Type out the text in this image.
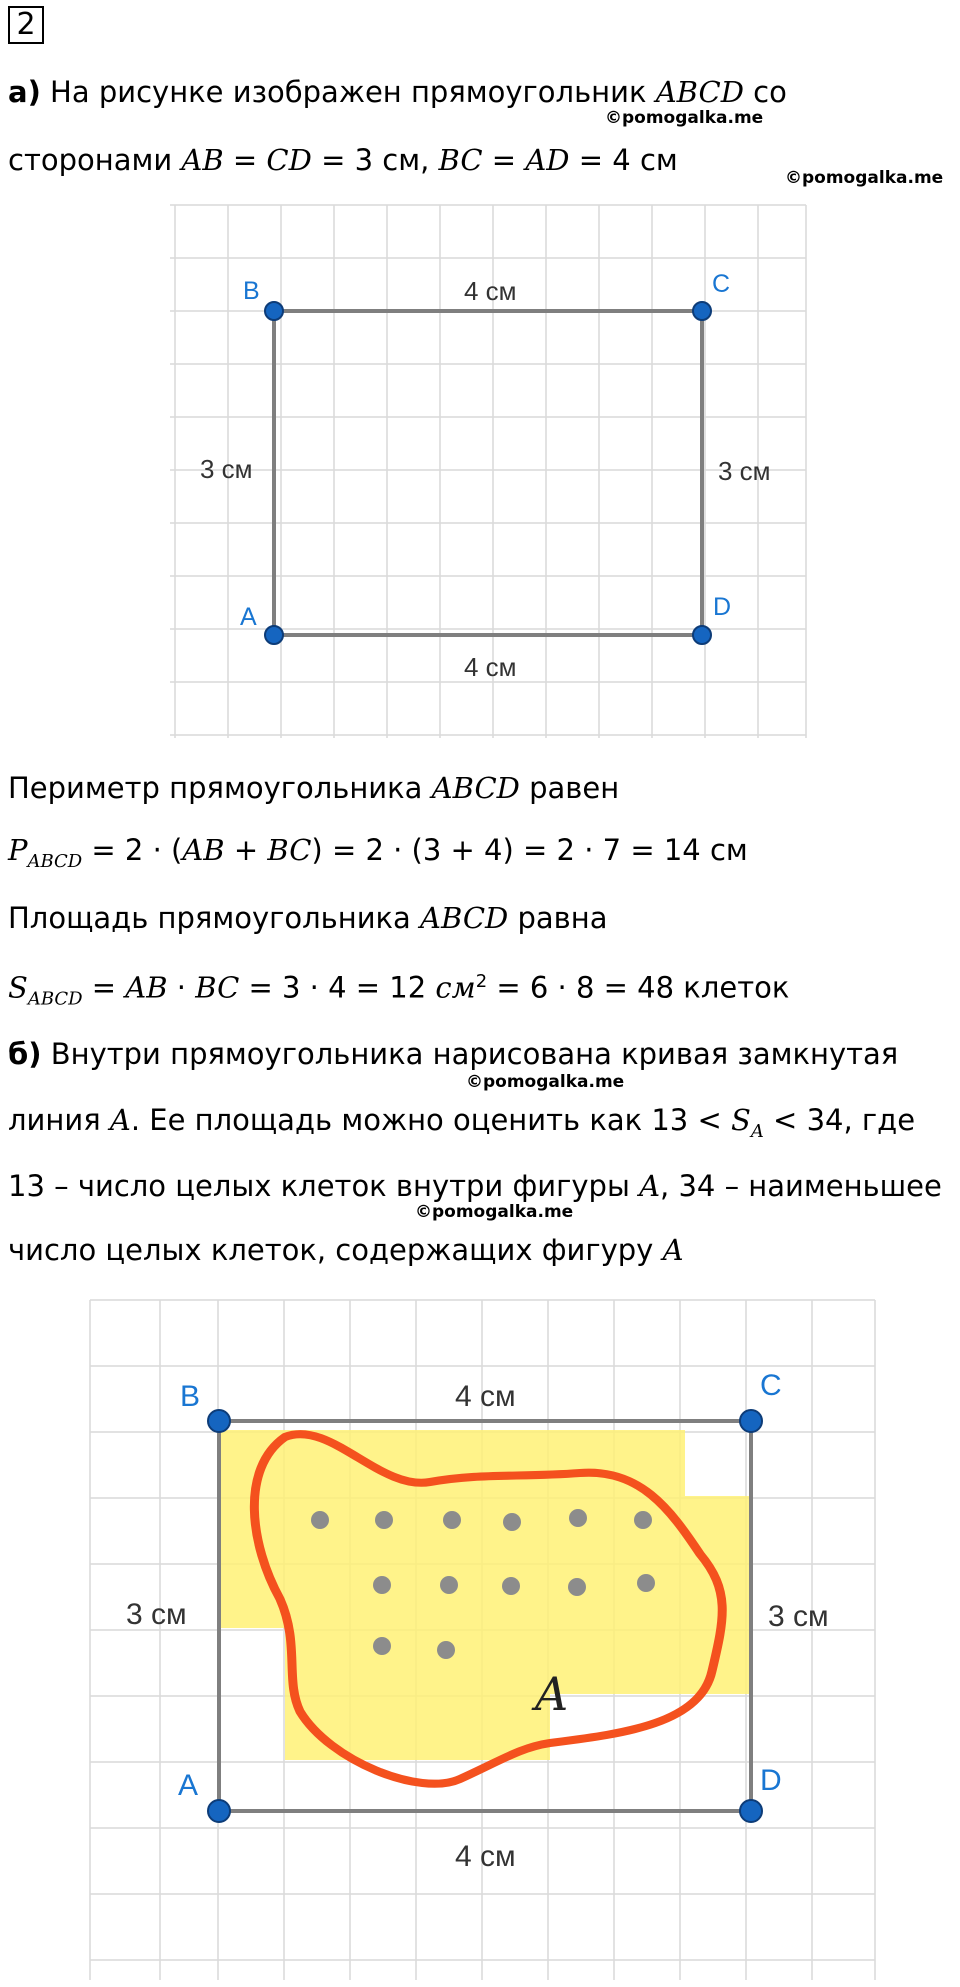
2
а) На рисунке изображен прямоугольник ABCD со
©pomogalka.me
сторонами AB = CD = 3 см, BC = AD = 4 см
©pomogalka.me
A
B	C
D
4 см
4 см
3 см	3 см
Периметр прямоугольника ABCD равен
$P_{ABCD} = 2 \cdot (AB + BC) = 2 \cdot (3 + 4) = 2 \cdot 7 = 14$ см
Площадь прямоугольника ABCD равна
$S_{ABCD}$ = AB · BC = 3 · 4 = 12 $см^2 = 6 \cdot 8 = 48$ клеток
б) Внутри прямоугольника нарисована кривая замкнутая
©pomogalka.me
линия A. Ее площадь можно оценить как $13 < S_A < 34$, где
13 – число целых клеток внутри фигуры A, 34 – наименьшее
©pomogalka.me
число целых клеток, содержащих фигуру A
A
A
B	C
D
4 см
4 см
3 см	3 см
